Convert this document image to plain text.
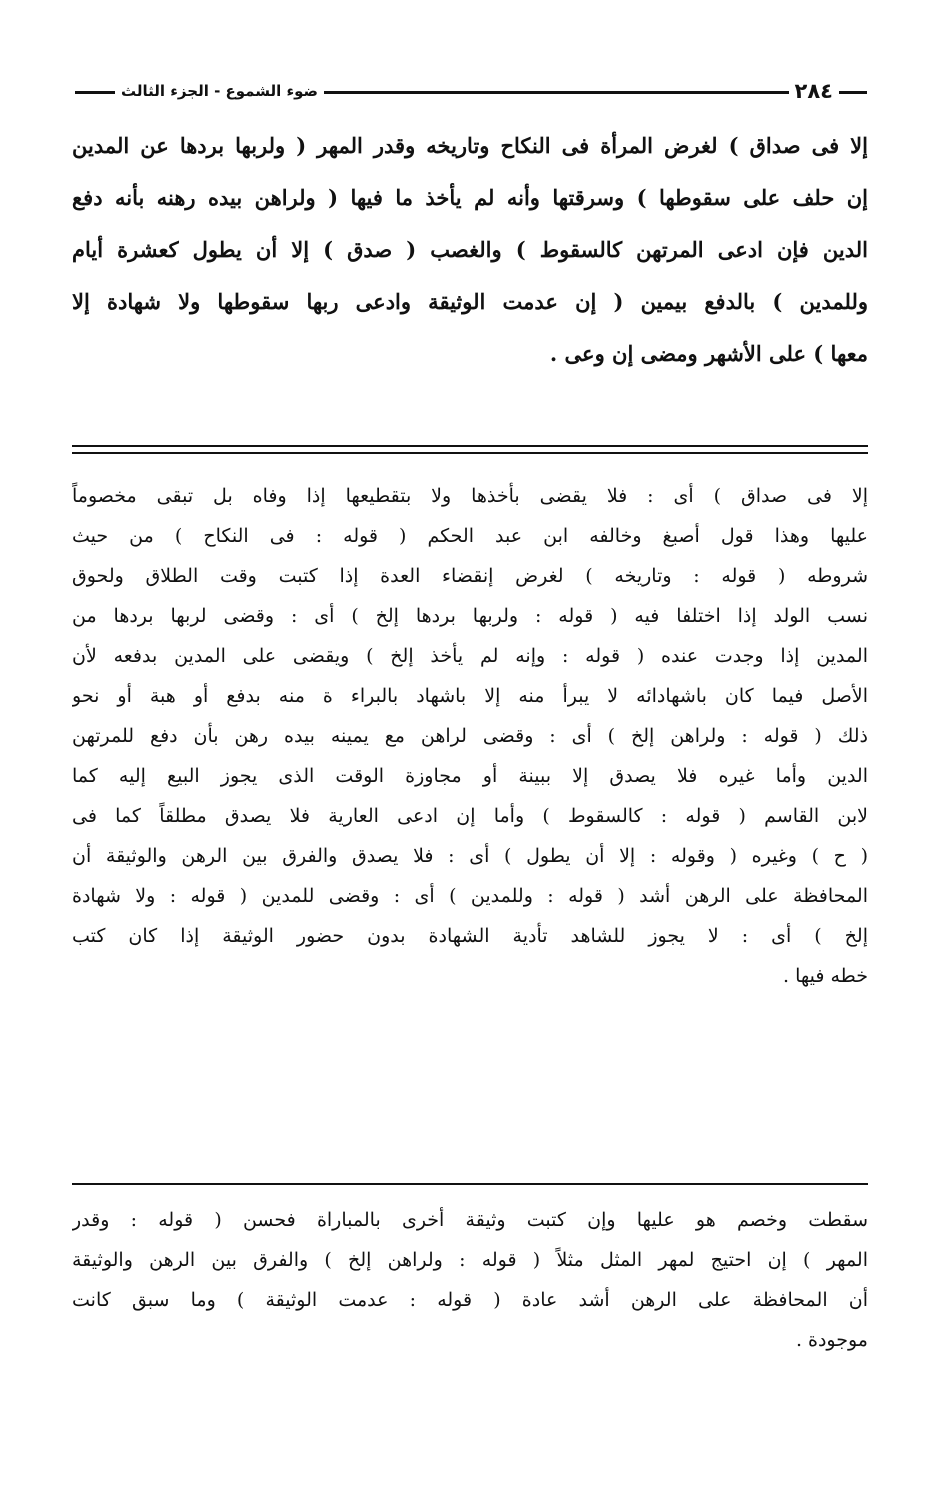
٢٨٤
ضوء الشموع - الجزء الثالث
إلا فى صداق ) لغرض المرأة فى النكاح وتاريخه وقدر المهر ( ولربها بردها عن المدين
إن حلف على سقوطها ) وسرقتها وأنه لم يأخذ ما فيها ( ولراهن بيده رهنه بأنه دفع
الدين فإن ادعى المرتهن كالسقوط ) والغصب ( صدق ) إلا أن يطول كعشرة أيام
وللمدين ) بالدفع بيمين ( إن عدمت الوثيقة وادعى ربها سقوطها ولا شهادة إلا
معها ) على الأشهر ومضى إن وعى .
إلا فى صداق ) أى : فلا يقضى بأخذها ولا بتقطيعها إذا وفاه بل تبقى مخصوماً
عليها وهذا قول أصبغ وخالفه ابن عبد الحكم ( قوله : فى النكاح ) من حيث
شروطه ( قوله : وتاريخه ) لغرض إنقضاء العدة إذا كتبت وقت الطلاق ولحوق
نسب الولد إذا اختلفا فيه ( قوله : ولربها بردها إلخ ) أى : وقضى لربها بردها من
المدين إذا وجدت عنده ( قوله : وإنه لم يأخذ إلخ ) ويقضى على المدين بدفعه لأن
الأصل فيما كان باشهادائه لا يبرأ منه إلا باشهاد بالبراء ة منه بدفع أو هبة أو نحو
ذلك ( قوله : ولراهن إلخ ) أى : وقضى لراهن مع يمينه بيده رهن بأن دفع للمرتهن
الدين وأما غيره فلا يصدق إلا ببينة أو مجاوزة الوقت الذى يجوز البيع إليه كما
لابن القاسم ( قوله : كالسقوط ) وأما إن ادعى العارية فلا يصدق مطلقاً كما فى
( ح ) وغيره ( وقوله : إلا أن يطول ) أى : فلا يصدق والفرق بين الرهن والوثيقة أن
المحافظة على الرهن أشد ( قوله : وللمدين ) أى : وقضى للمدين ( قوله : ولا شهادة
إلخ ) أى : لا يجوز للشاهد تأدية الشهادة بدون حضور الوثيقة إذا كان كتب
خطه فيها .
سقطت وخصم هو عليها وإن كتبت وثيقة أخرى بالمباراة فحسن ( قوله : وقدر
المهر ) إن احتيج لمهر المثل مثلاً ( قوله : ولراهن إلخ ) والفرق بين الرهن والوثيقة
أن المحافظة على الرهن أشد عادة ( قوله : عدمت الوثيقة ) وما سبق كانت
موجودة .
